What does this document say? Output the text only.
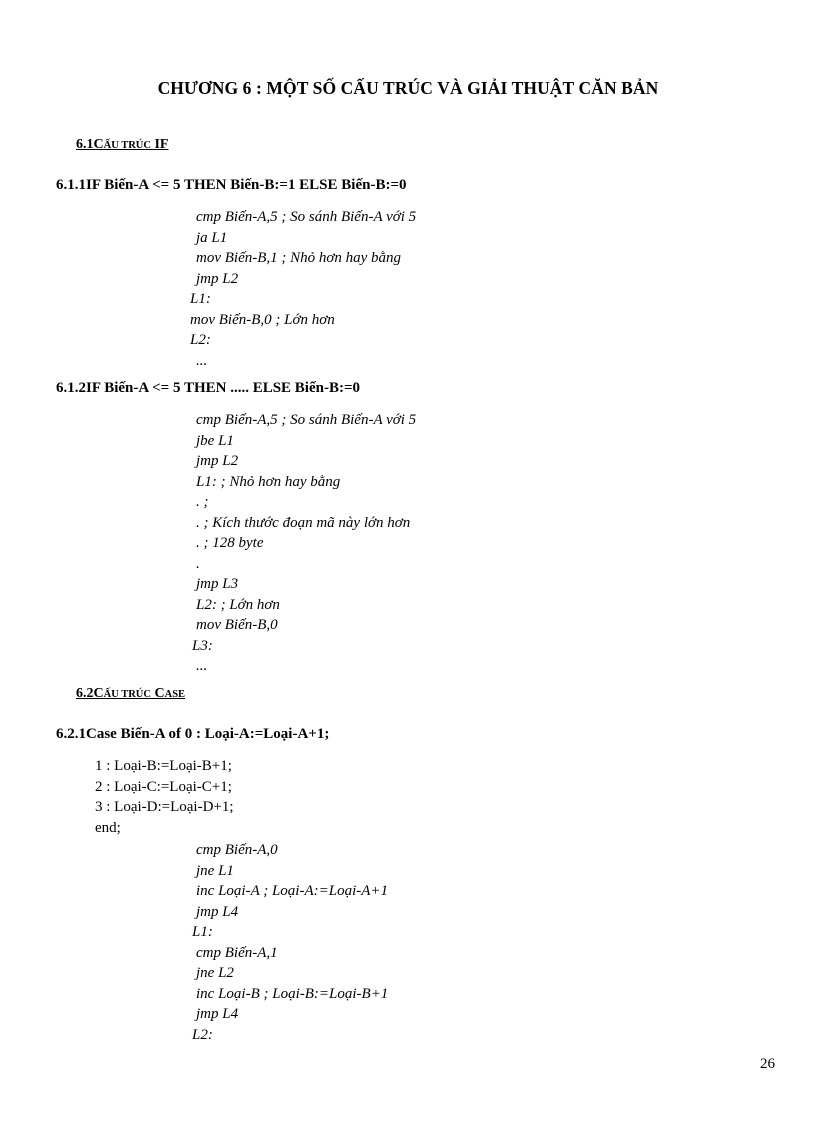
CHƯƠNG 6 : MỘT SỐ CẤU TRÚC VÀ GIẢI THUẬT CĂN BẢN
6.1CẤU TRÚC IF
6.1.1IF Biến-A <= 5 THEN Biến-B:=1 ELSE Biến-B:=0
cmp Biến-A,5 ; So sánh Biến-A với 5
ja L1
mov Biến-B,1 ; Nhỏ hơn hay bằng
jmp L2
L1:
mov Biến-B,0 ; Lớn hơn
L2:
...
6.1.2IF Biến-A <= 5 THEN ..... ELSE Biến-B:=0
cmp Biến-A,5 ; So sánh Biến-A với 5
jbe L1
jmp L2
L1: ; Nhỏ hơn hay bằng
. ;
. ; Kích thước đoạn mã này lớn hơn
. ; 128 byte
.
jmp L3
L2: ; Lớn hơn
mov Biến-B,0
L3:
...
6.2CẤU TRÚC CASE
6.2.1Case Biến-A of 0 : Loại-A:=Loại-A+1;
1 : Loại-B:=Loại-B+1;
2 : Loại-C:=Loại-C+1;
3 : Loại-D:=Loại-D+1;
end;
cmp Biến-A,0
jne L1
inc Loại-A ; Loại-A:=Loại-A+1
jmp L4
L1:
cmp Biến-A,1
jne L2
inc Loại-B ; Loại-B:=Loại-B+1
jmp L4
L2:
26
